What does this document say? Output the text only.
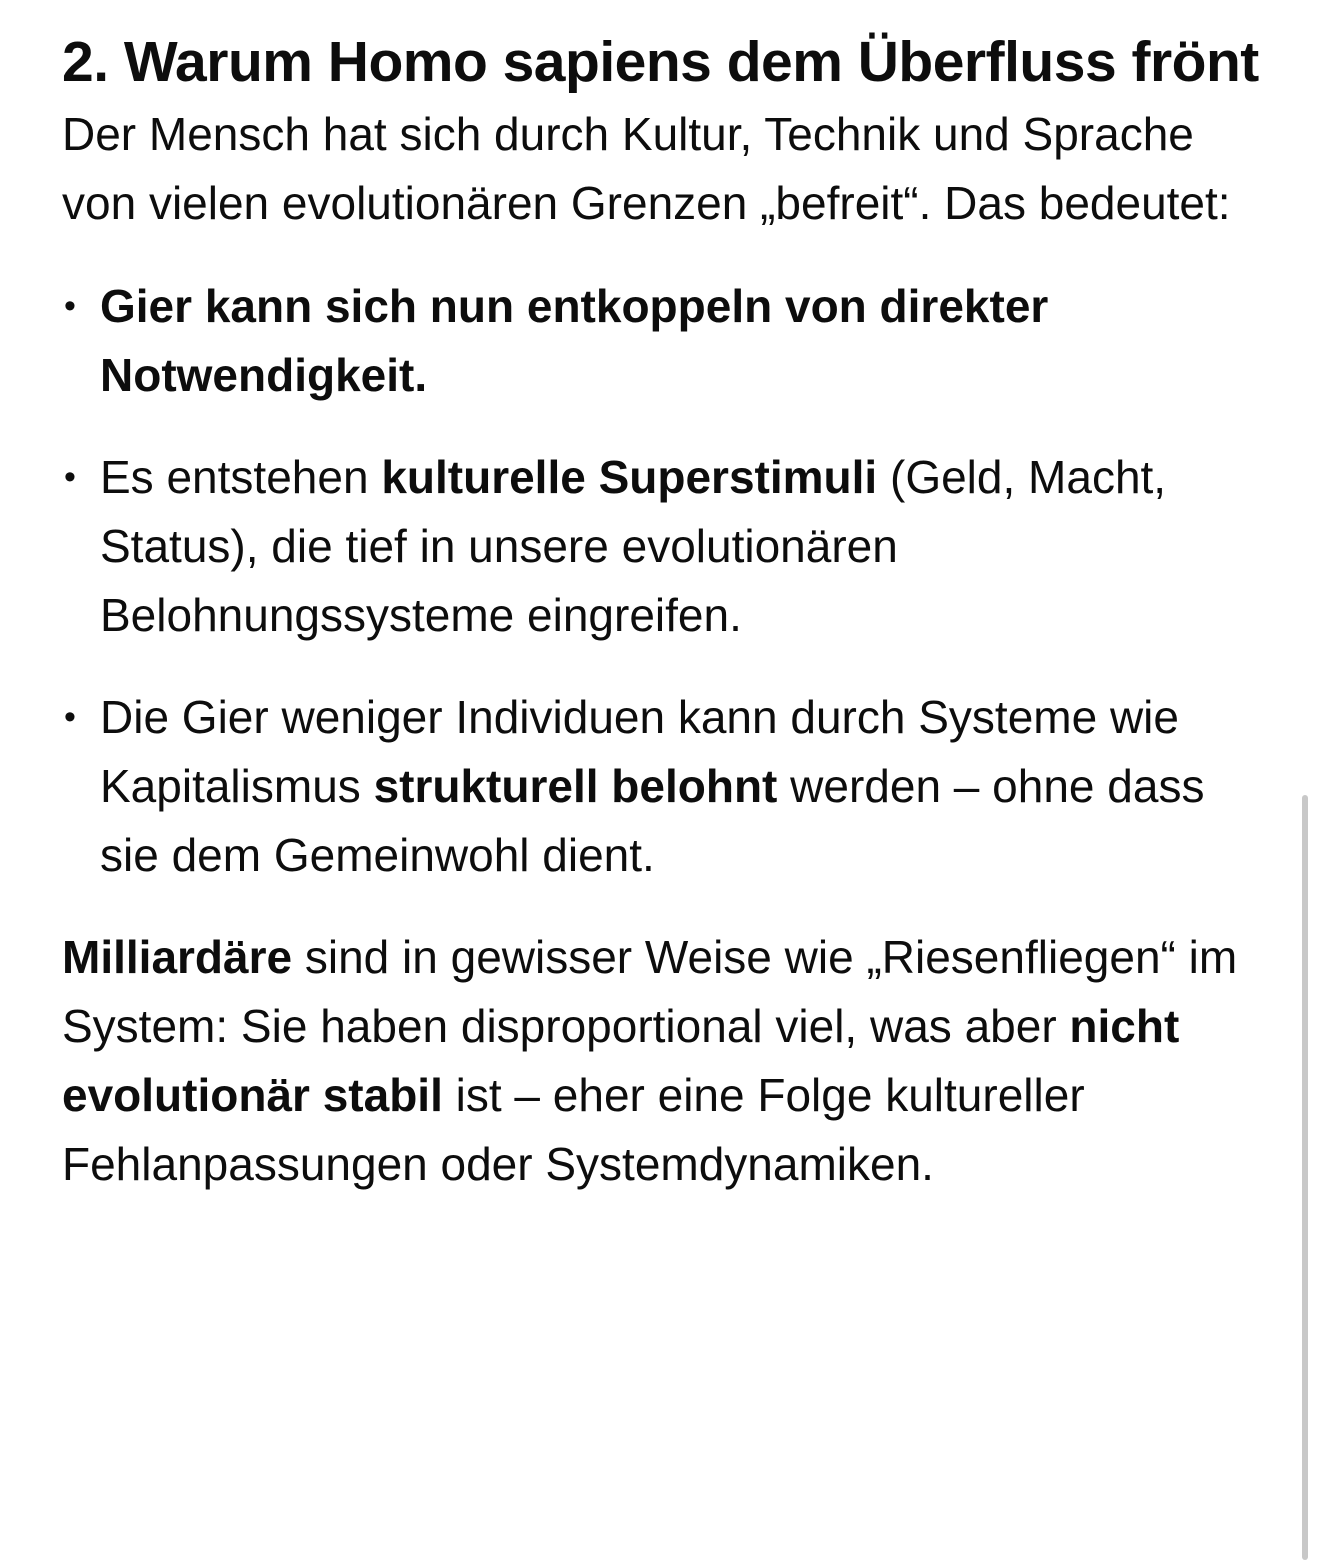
2. Warum Homo sapiens dem Überfluss frönt

Der Mensch hat sich durch Kultur, Technik und Sprache von vielen evolutionären Grenzen „befreit“. Das bedeutet:

• Gier kann sich nun entkoppeln von direkter Notwendigkeit.
• Es entstehen kulturelle Superstimuli (Geld, Macht, Status), die tief in unsere evolutionären Belohnungssysteme eingreifen.
• Die Gier weniger Individuen kann durch Systeme wie Kapitalismus strukturell belohnt werden – ohne dass sie dem Gemeinwohl dient.

Milliardäre sind in gewisser Weise wie „Riesenfliegen“ im System: Sie haben disproportional viel, was aber nicht evolutionär stabil ist – eher eine Folge kultureller Fehlanpassungen oder Systemdynamiken.
